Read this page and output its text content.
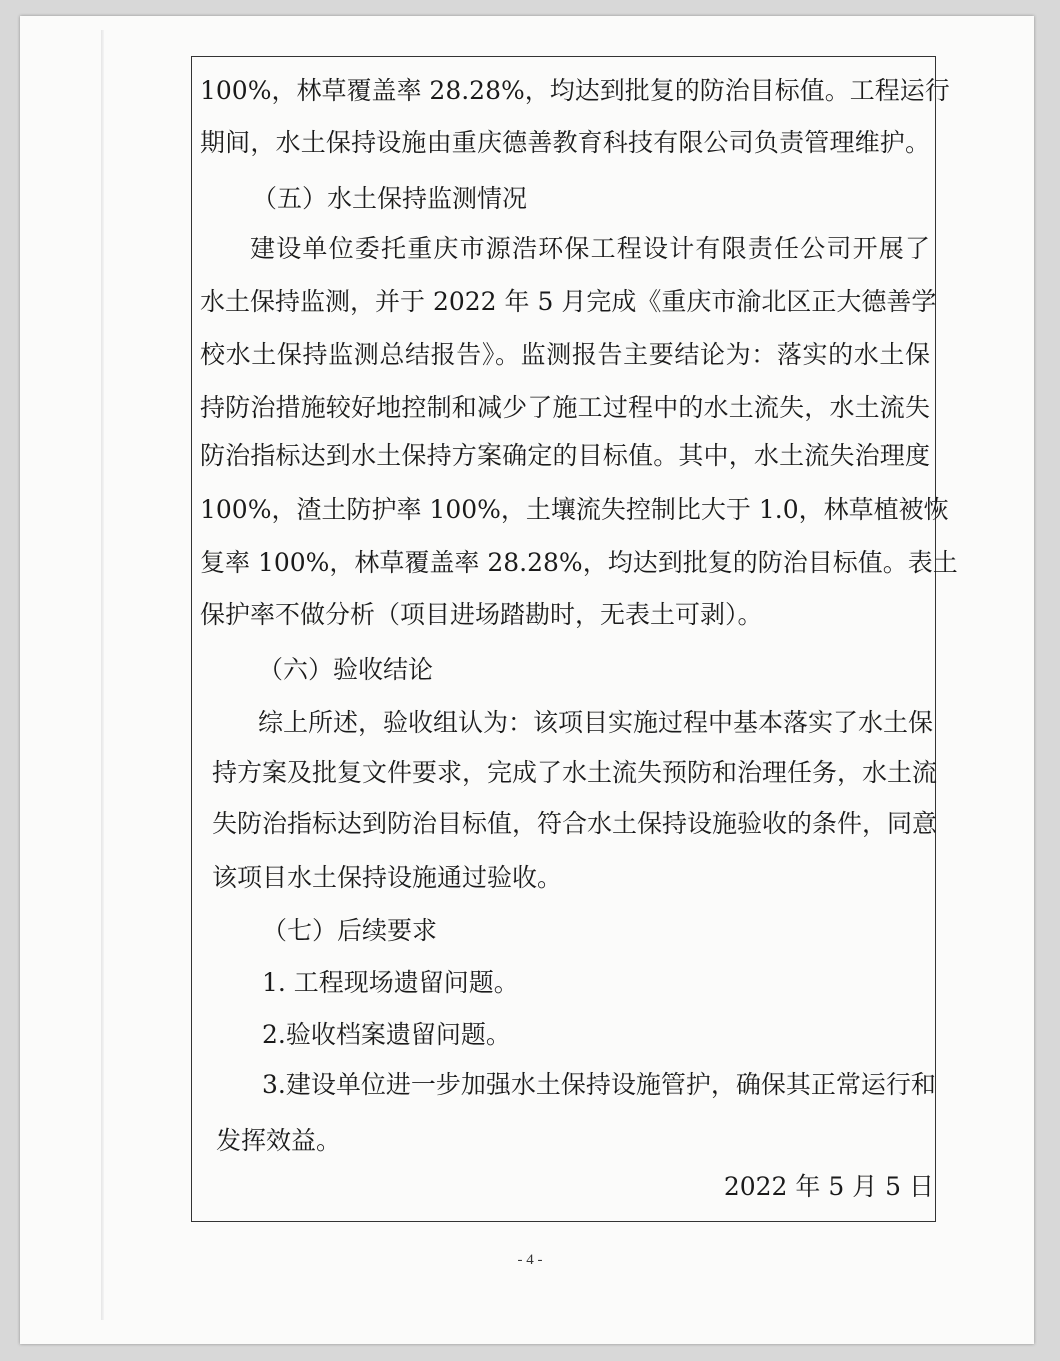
100%，林草覆盖率 28.28%，均达到批复的防治目标值。工程运行
期间，水土保持设施由重庆德善教育科技有限公司负责管理维护。
（五）水土保持监测情况
建设单位委托重庆市源浩环保工程设计有限责任公司开展了
水土保持监测，并于 2022 年 5 月完成《重庆市渝北区正大德善学
校水土保持监测总结报告》。监测报告主要结论为：落实的水土保
持防治措施较好地控制和减少了施工过程中的水土流失，水土流失
防治指标达到水土保持方案确定的目标值。其中，水土流失治理度
100%，渣土防护率 100%，土壤流失控制比大于 1.0，林草植被恢
复率 100%，林草覆盖率 28.28%，均达到批复的防治目标值。表土
保护率不做分析（项目进场踏勘时，无表土可剥）。
（六）验收结论
综上所述，验收组认为：该项目实施过程中基本落实了水土保
持方案及批复文件要求，完成了水土流失预防和治理任务，水土流
失防治指标达到防治目标值，符合水土保持设施验收的条件，同意
该项目水土保持设施通过验收。
（七）后续要求
1. 工程现场遗留问题。
2.验收档案遗留问题。
3.建设单位进一步加强水土保持设施管护，确保其正常运行和
发挥效益。
2022 年 5 月 5 日
- 4 -
